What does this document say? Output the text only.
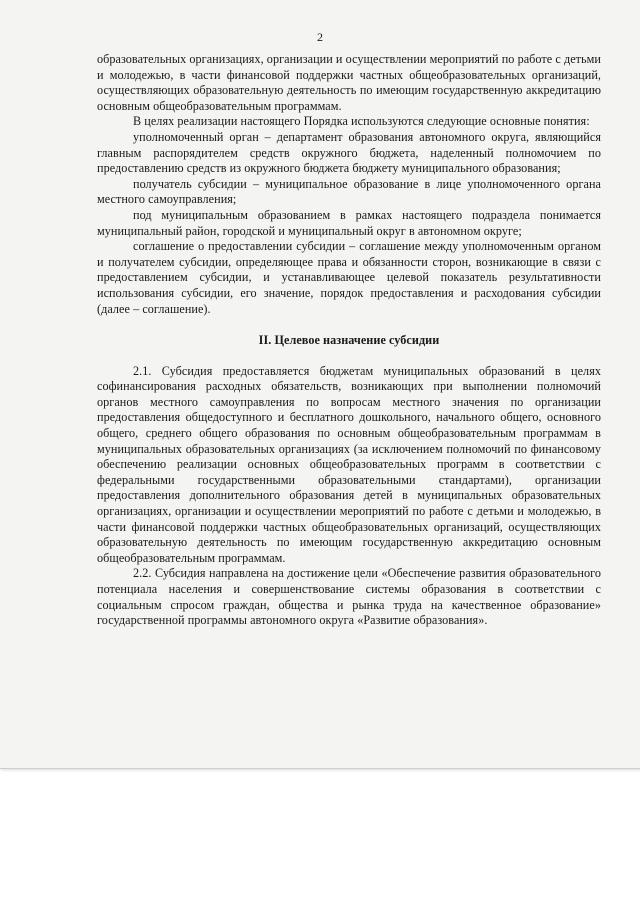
2

образовательных организациях, организации и осуществлении мероприятий по работе с детьми и молодежью, в части финансовой поддержки частных общеобразовательных организаций, осуществляющих образовательную деятельность по имеющим государственную аккредитацию основным общеобразовательным программам.

В целях реализации настоящего Порядка используются следующие основные понятия:

уполномоченный орган – департамент образования автономного округа, являющийся главным распорядителем средств окружного бюджета, наделенный полномочием по предоставлению средств из окружного бюджета бюджету муниципального образования;

получатель субсидии – муниципальное образование в лице уполномоченного органа местного самоуправления;

под муниципальным образованием в рамках настоящего подраздела понимается муниципальный район, городской и муниципальный округ в автономном округе;

соглашение о предоставлении субсидии – соглашение между уполномоченным органом и получателем субсидии, определяющее права и обязанности сторон, возникающие в связи с предоставлением субсидии, и устанавливающее целевой показатель результативности использования субсидии, его значение, порядок предоставления и расходования субсидии (далее – соглашение).

II. Целевое назначение субсидии

2.1. Субсидия предоставляется бюджетам муниципальных образований в целях софинансирования расходных обязательств, возникающих при выполнении полномочий органов местного самоуправления по вопросам местного значения по организации предоставления общедоступного и бесплатного дошкольного, начального общего, основного общего, среднего общего образования по основным общеобразовательным программам в муниципальных образовательных организациях (за исключением полномочий по финансовому обеспечению реализации основных общеобразовательных программ в соответствии с федеральными государственными образовательными стандартами), организации предоставления дополнительного образования детей в муниципальных образовательных организациях, организации и осуществлении мероприятий по работе с детьми и молодежью, в части финансовой поддержки частных общеобразовательных организаций, осуществляющих образовательную деятельность по имеющим государственную аккредитацию основным общеобразовательным программам.

2.2. Субсидия направлена на достижение цели «Обеспечение развития образовательного потенциала населения и совершенствование системы образования в соответствии с социальным спросом граждан, общества и рынка труда на качественное образование» государственной программы автономного округа «Развитие образования».
